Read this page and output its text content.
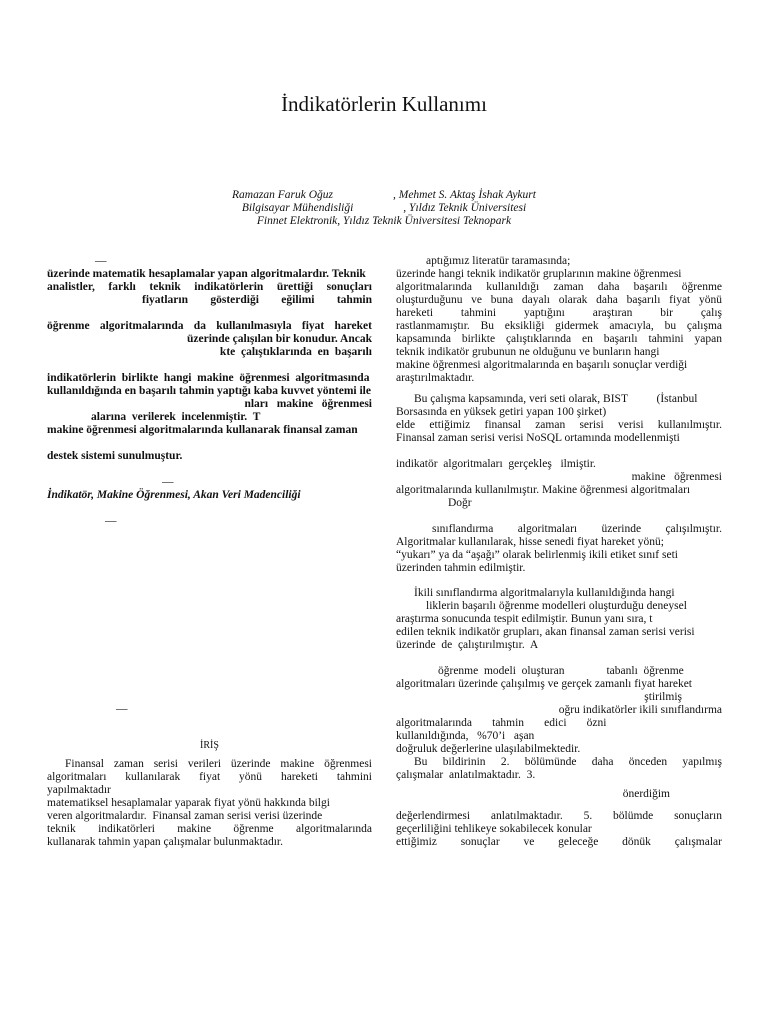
İndikatörlerin Kullanımı
Ramazan Faruk Oğuz	, Mehmet S. Aktaş İshak Aykurt
Bilgisayar Mühendisliği	, Yıldız Teknik Üniversitesi
Finnet Elektronik, Yıldız Teknik Üniversitesi Teknopark
—
üzerinde matematik hesaplamalar yapan algoritmalardır. Teknik
analistler,   farklı   teknik   indikatörlerin   ürettiği   sonuçları
fiyatların   gösterdiği   eğilimi   tahmin
öğrenme  algoritmalarında  da  kullanılmasıyla  fiyat  hareket
üzerinde çalışılan bir konudur. Ancak
kte  çalıştıklarında  en  başarılı
indikatörlerin  birlikte  hangi  makine  öğrenmesi  algoritmasında
kullanıldığında en başarılı tahmin yaptığı kaba kuvvet yöntemi ile
nları   makine   öğrenmesi
alarına  verilerek  incelenmiştir.  T
makine öğrenmesi algoritmalarında kullanarak finansal zaman
destek sistemi sunulmuştur.
—
İndikatör, Makine Öğrenmesi, Akan Veri Madenciliği
—
—
İRİŞ
Finansal zaman serisi verileri üzerinde makine öğrenmesi
algoritmaları   kullanılarak   fiyat   yönü   hareketi   tahmini
yapılmaktadır
matematiksel hesaplamalar yaparak fiyat yönü hakkında bilgi
veren algoritmalardır.  Finansal zaman serisi verisi üzerinde
teknik  indikatörleri  makine  öğrenme  algoritmalarında
kullanarak tahmin yapan çalışmalar bulunmaktadır.
aptığımız literatür taramasında;
üzerinde hangi teknik indikatör gruplarının makine öğrenmesi
algoritmalarında kullanıldığı zaman daha başarılı öğrenme
oluşturduğunu ve buna dayalı olarak daha başarılı fiyat yönü
hareketi     tahmini     yaptığını     araştıran     bir     çalış
rastlanmamıştır. Bu eksikliği gidermek amacıyla, bu çalışma
kapsamında birlikte çalıştıklarında en başarılı tahmini yapan
teknik indikatör grubunun ne olduğunu ve bunların hangi
makine öğrenmesi algoritmalarında en başarılı sonuçlar verdiği
araştırılmaktadır.
Bu çalışma kapsamında, veri seti olarak, BIST          (İstanbul
Borsasında en yüksek getiri yapan 100 şirket)
elde  ettiğimiz  finansal  zaman  serisi  verisi  kullanılmıştır.
Finansal zaman serisi verisi NoSQL ortamında modellenmişti
indikatör  algoritmaları  gerçekleş   ilmiştir.
makine   öğrenmesi
algoritmalarında kullanılmıştır. Makine öğrenmesi algoritmaları
Doğr
sınıflandırma   algoritmaları   üzerinde   çalışılmıştır.
Algoritmalar kullanılarak, hisse senedi fiyat hareket yönü;
“yukarı” ya da “aşağı” olarak belirlenmiş ikili etiket sınıf seti
üzerinden tahmin edilmiştir.
İkili sınıflandırma algoritmalarıyla kullanıldığında hangi
liklerin başarılı öğrenme modelleri oluşturduğu deneysel
araştırma sonucunda tespit edilmiştir. Bunun yanı sıra, t
edilen teknik indikatör grupları, akan finansal zaman serisi verisi
üzerinde  de  çalıştırılmıştır.  A
öğrenme  modeli  oluşturan	tabanlı  öğrenme
algoritmaları üzerinde çalışılmış ve gerçek zamanlı fiyat hareket
ştirilmiş
oğru indikatörler ikili sınıflandırma
algoritmalarında       tahmin       edici       özni
kullanıldığında,   %70’i   aşan
doğruluk değerlerine ulaşılabilmektedir.
Bu  bildirinin  2.  bölümünde  daha  önceden  yapılmış
çalışmalar  anlatılmaktadır.  3.
önerdiğim
değerlendirmesi  anlatılmaktadır.  5.  bölümde  sonuçların
geçerliliğini tehlikeye sokabilecek konular
ettiğimiz    sonuçlar    ve    geleceğe    dönük    çalışmalar
